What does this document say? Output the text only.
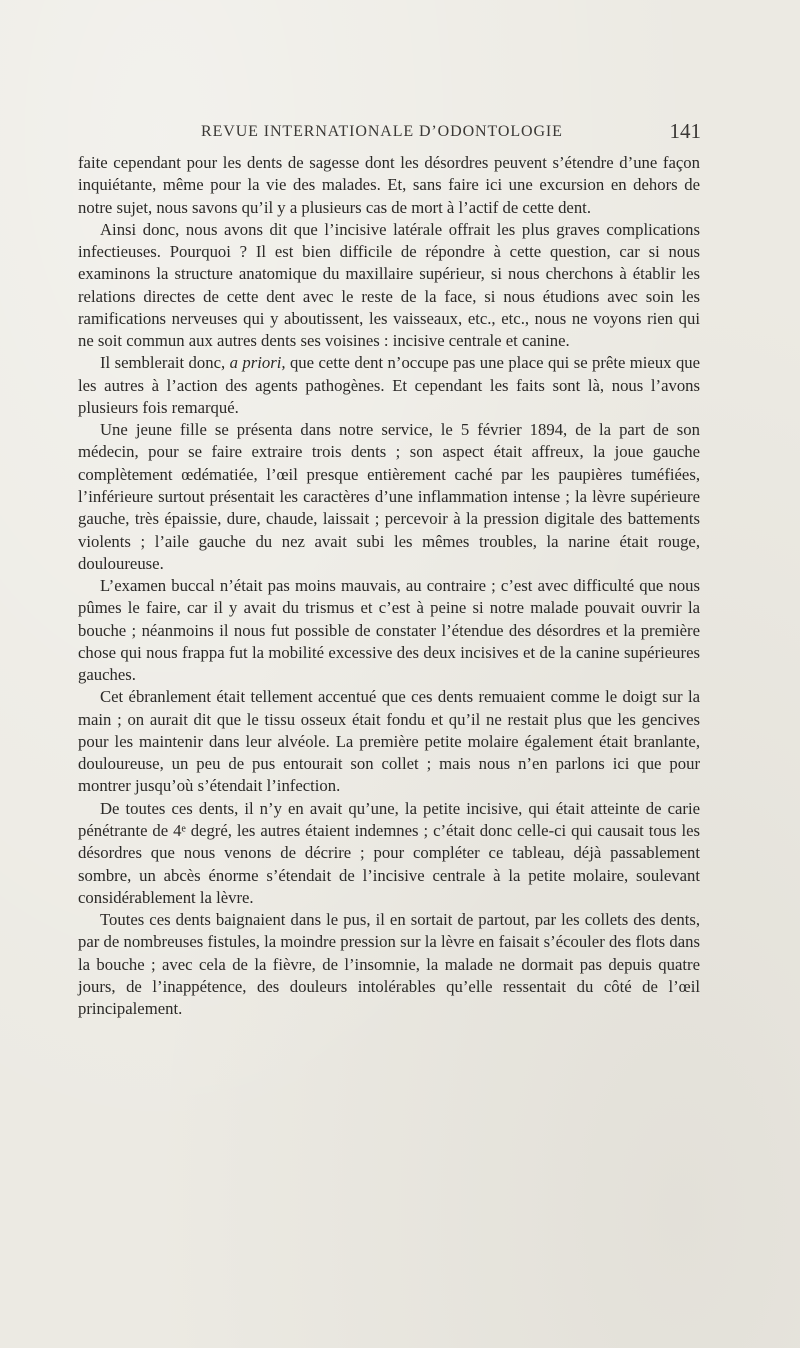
REVUE INTERNATIONALE D’ODONTOLOGIE	141

faite cependant pour les dents de sagesse dont les désordres peuvent s’étendre d’une façon inquiétante, même pour la vie des malades. Et, sans faire ici une excursion en dehors de notre sujet, nous savons qu’il y a plusieurs cas de mort à l’actif de cette dent.

Ainsi donc, nous avons dit que l’incisive latérale offrait les plus graves complications infectieuses. Pourquoi ? Il est bien difficile de répondre à cette question, car si nous examinons la structure anatomique du maxillaire supérieur, si nous cherchons à établir les relations directes de cette dent avec le reste de la face, si nous étudions avec soin les ramifications nerveuses qui y aboutissent, les vaisseaux, etc., etc., nous ne voyons rien qui ne soit commun aux autres dents ses voisines : incisive centrale et canine.

Il semblerait donc, a priori, que cette dent n’occupe pas une place qui se prête mieux que les autres à l’action des agents pathogènes. Et cependant les faits sont là, nous l’avons plusieurs fois remarqué.

Une jeune fille se présenta dans notre service, le 5 février 1894, de la part de son médecin, pour se faire extraire trois dents ; son aspect était affreux, la joue gauche complètement œdématiée, l’œil presque entièrement caché par les paupières tuméfiées, l’inférieure surtout présentait les caractères d’une inflammation intense ; la lèvre supérieure gauche, très épaissie, dure, chaude, laissait ; percevoir à la pression digitale des battements violents ; l’aile gauche du nez avait subi les mêmes troubles, la narine était rouge, douloureuse.

L’examen buccal n’était pas moins mauvais, au contraire ; c’est avec difficulté que nous pûmes le faire, car il y avait du trismus et c’est à peine si notre malade pouvait ouvrir la bouche ; néanmoins il nous fut possible de constater l’étendue des désordres et la première chose qui nous frappa fut la mobilité excessive des deux incisives et de la canine supérieures gauches.

Cet ébranlement était tellement accentué que ces dents remuaient comme le doigt sur la main ; on aurait dit que le tissu osseux était fondu et qu’il ne restait plus que les gencives pour les maintenir dans leur alvéole. La première petite molaire également était branlante, douloureuse, un peu de pus entourait son collet ; mais nous n’en parlons ici que pour montrer jusqu’où s’étendait l’infection.

De toutes ces dents, il n’y en avait qu’une, la petite incisive, qui était atteinte de carie pénétrante de 4ᵉ degré, les autres étaient indemnes ; c’était donc celle-ci qui causait tous les désordres que nous venons de décrire ; pour compléter ce tableau, déjà passablement sombre, un abcès énorme s’étendait de l’incisive centrale à la petite molaire, soulevant considérablement la lèvre.

Toutes ces dents baignaient dans le pus, il en sortait de partout, par les collets des dents, par de nombreuses fistules, la moindre pression sur la lèvre en faisait s’écouler des flots dans la bouche ; avec cela de la fièvre, de l’insomnie, la malade ne dormait pas depuis quatre jours, de l’inappétence, des douleurs intolérables qu’elle ressentait du côté de l’œil principalement.
